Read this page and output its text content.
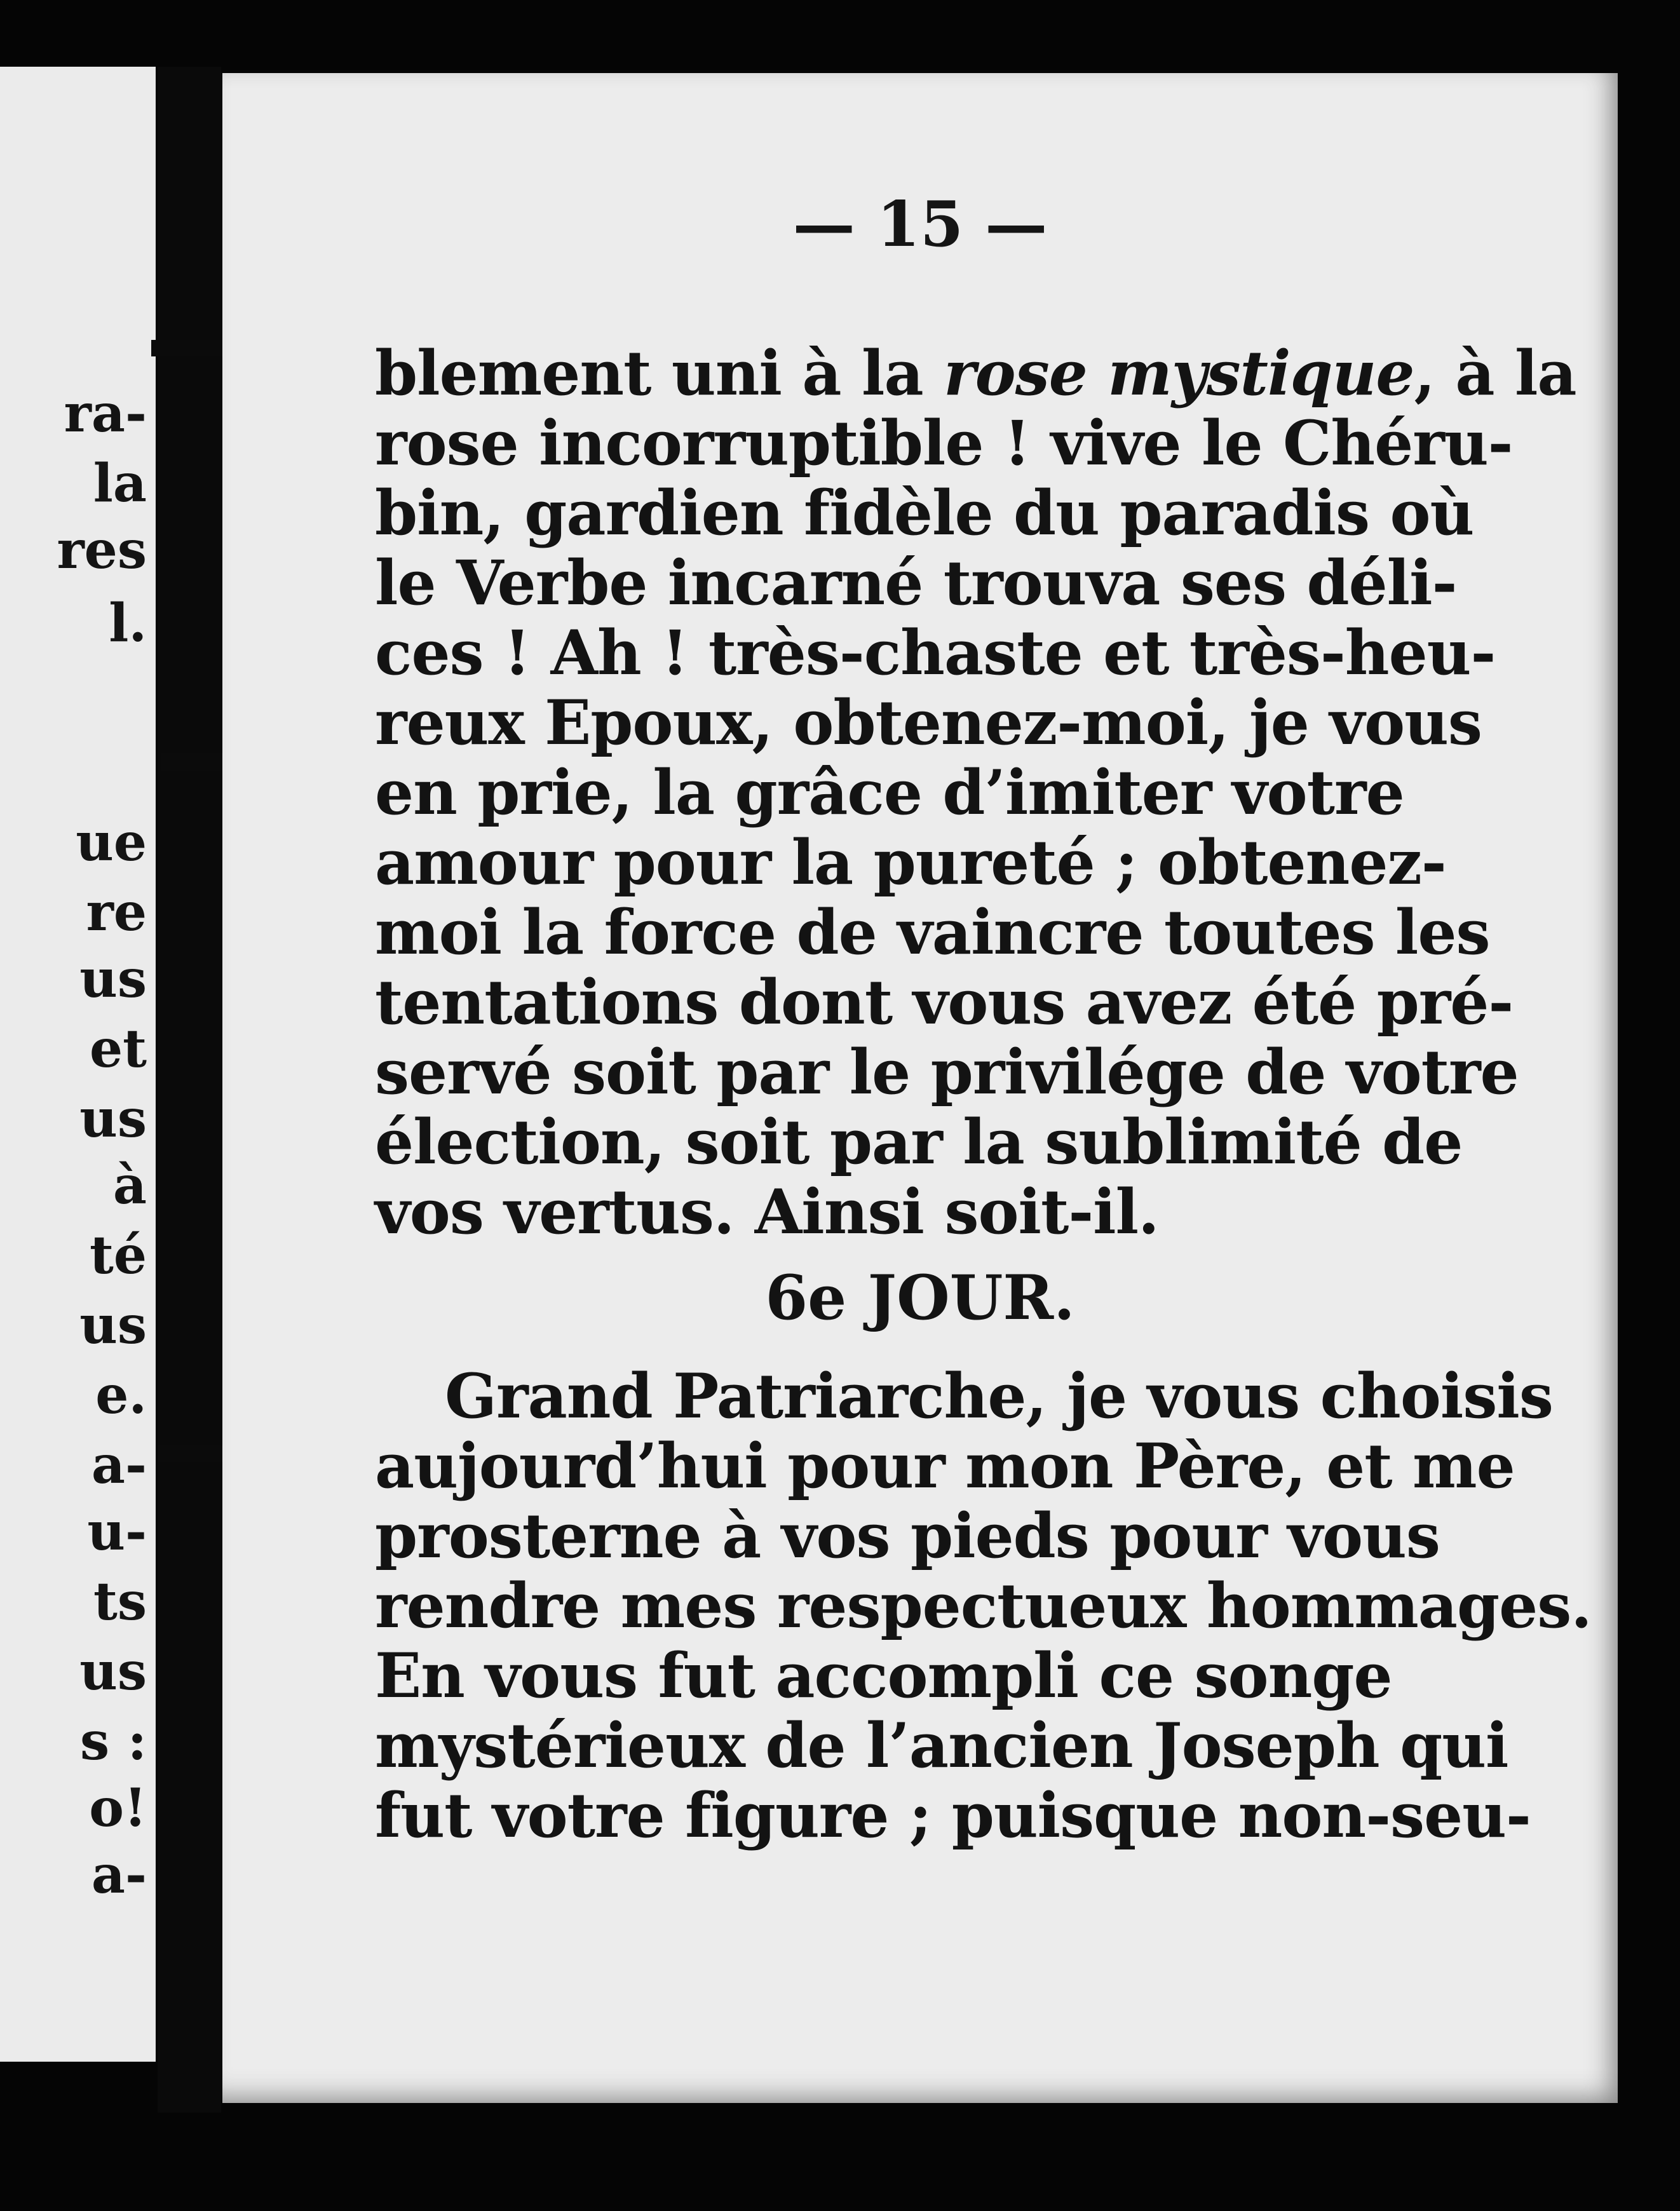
ra-
la
res
l.
ue
re
us
et
us
à
té
us
e.
a-
u-
ts
us
s :
o!
a-

— 15 —

blement uni à la rose mystique, à la

rose incorruptible ! vive le Chéru-

bin, gardien fidèle du paradis où

le Verbe incarné trouva ses déli-

ces ! Ah ! très-chaste et très-heu-

reux Epoux, obtenez-moi, je vous

en prie, la grâce d’imiter votre

amour pour la pureté ; obtenez-

moi la force de vaincre toutes les

tentations dont vous avez été pré-

servé soit par le privilége de votre

élection, soit par la sublimité de

vos vertus. Ainsi soit-il.

6e JOUR.

Grand Patriarche, je vous choisis

aujourd’hui pour mon Père, et me

prosterne à vos pieds pour vous

rendre mes respectueux hommages.

En vous fut accompli ce songe

mystérieux de l’ancien Joseph qui

fut votre figure ; puisque non-seu-
